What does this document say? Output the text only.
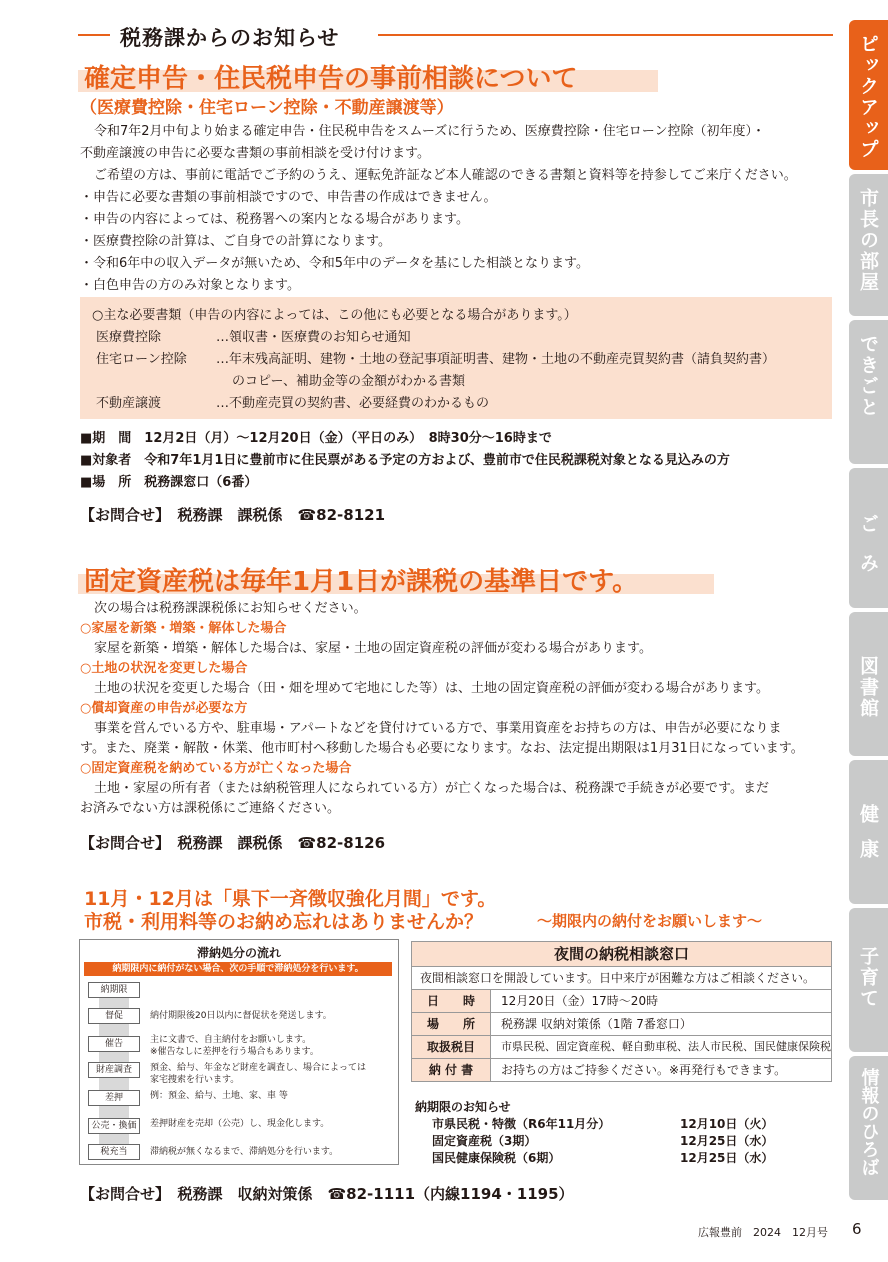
税務課からのお知らせ
確定申告・住民税申告の事前相談について
（医療費控除・住宅ローン控除・不動産譲渡等）
令和7年2月中旬より始まる確定申告・住民税申告をスムーズに行うため、医療費控除・住宅ローン控除（初年度）・
不動産譲渡の申告に必要な書類の事前相談を受け付けます。
ご希望の方は、事前に電話でご予約のうえ、運転免許証など本人確認のできる書類と資料等を持参してご来庁ください。
・申告に必要な書類の事前相談ですので、申告書の作成はできません。
・申告の内容によっては、税務署への案内となる場合があります。
・医療費控除の計算は、ご自身での計算になります。
・令和6年中の収入データが無いため、令和5年中のデータを基にした相談となります。
・白色申告の方のみ対象となります。
○主な必要書類（申告の内容によっては、この他にも必要となる場合があります。）
医療費控除	…領収書・医療費のお知らせ通知
住宅ローン控除 …年末残高証明、建物・土地の登記事項証明書、建物・土地の不動産売買契約書（請負契約書）
のコピー、補助金等の金額がわかる書類
不動産譲渡	…不動産売買の契約書、必要経費のわかるもの
■期　間　12月2日（月）～12月20日（金）（平日のみ）　8時30分～16時まで
■対象者　令和7年1月1日に豊前市に住民票がある予定の方および、豊前市で住民税課税対象となる見込みの方
■場　所　税務課窓口（6番）
【お問合せ】　税務課　課税係　☎82-8121
固定資産税は毎年1月1日が課税の基準日です。
次の場合は税務課課税係にお知らせください。
○家屋を新築・増築・解体した場合
家屋を新築・増築・解体した場合は、家屋・土地の固定資産税の評価が変わる場合があります。
○土地の状況を変更した場合
土地の状況を変更した場合（田・畑を埋めて宅地にした等）は、土地の固定資産税の評価が変わる場合があります。
○償却資産の申告が必要な方
事業を営んでいる方や、駐車場・アパートなどを貸付けている方で、事業用資産をお持ちの方は、申告が必要になりま
す。また、廃業・解散・休業、他市町村へ移動した場合も必要になります。なお、法定提出期限は1月31日になっています。
○固定資産税を納めている方が亡くなった場合
土地・家屋の所有者（または納税管理人になられている方）が亡くなった場合は、税務課で手続きが必要です。まだ
お済みでない方は課税係にご連絡ください。
【お問合せ】　税務課　課税係　☎82-8126
11月・12月は「県下一斉徴収強化月間」です。
市税・利用料等のお納め忘れはありませんか？	～期限内の納付をお願いします～
滞納処分の流れ
納期限内に納付がない場合、次の手順で滞納処分を行います。
納期限
督促	納付期限後20日以内に督促状を発送します。
催告	主に文書で、自主納付をお願いします。
※催告なしに差押を行う場合もあります。
財産調査	預金、給与、年金など財産を調査し、場合によっては
家宅捜索を行います。
差押	例：預金、給与、土地、家、車 等
公売・換価	差押財産を売却（公売）し、現金化します。
税充当	滞納税が無くなるまで、滞納処分を行います。
夜間の納税相談窓口
夜間相談窓口を開設しています。日中来庁が困難な方はご相談ください。
日　　時	12月20日（金）17時～20時
場　　所	税務課 収納対策係（1階 7番窓口）
取扱税目	市県民税、固定資産税、軽自動車税、法人市民税、国民健康保険税
納 付 書	お持ちの方はご持参ください。※再発行もできます。
納期限のお知らせ
市県民税・特徴（R6年11月分）	12月10日（火）
固定資産税（3期）	12月25日（水）
国民健康保険税（6期）	12月25日（水）
【お問合せ】　税務課　収納対策係　☎82-1111（内線1194・1195）
ピックアップ
市長の部屋
できごと
ごみ
図書館
健康
子育て
情報のひろば
広報豊前　2024　12月号 6
